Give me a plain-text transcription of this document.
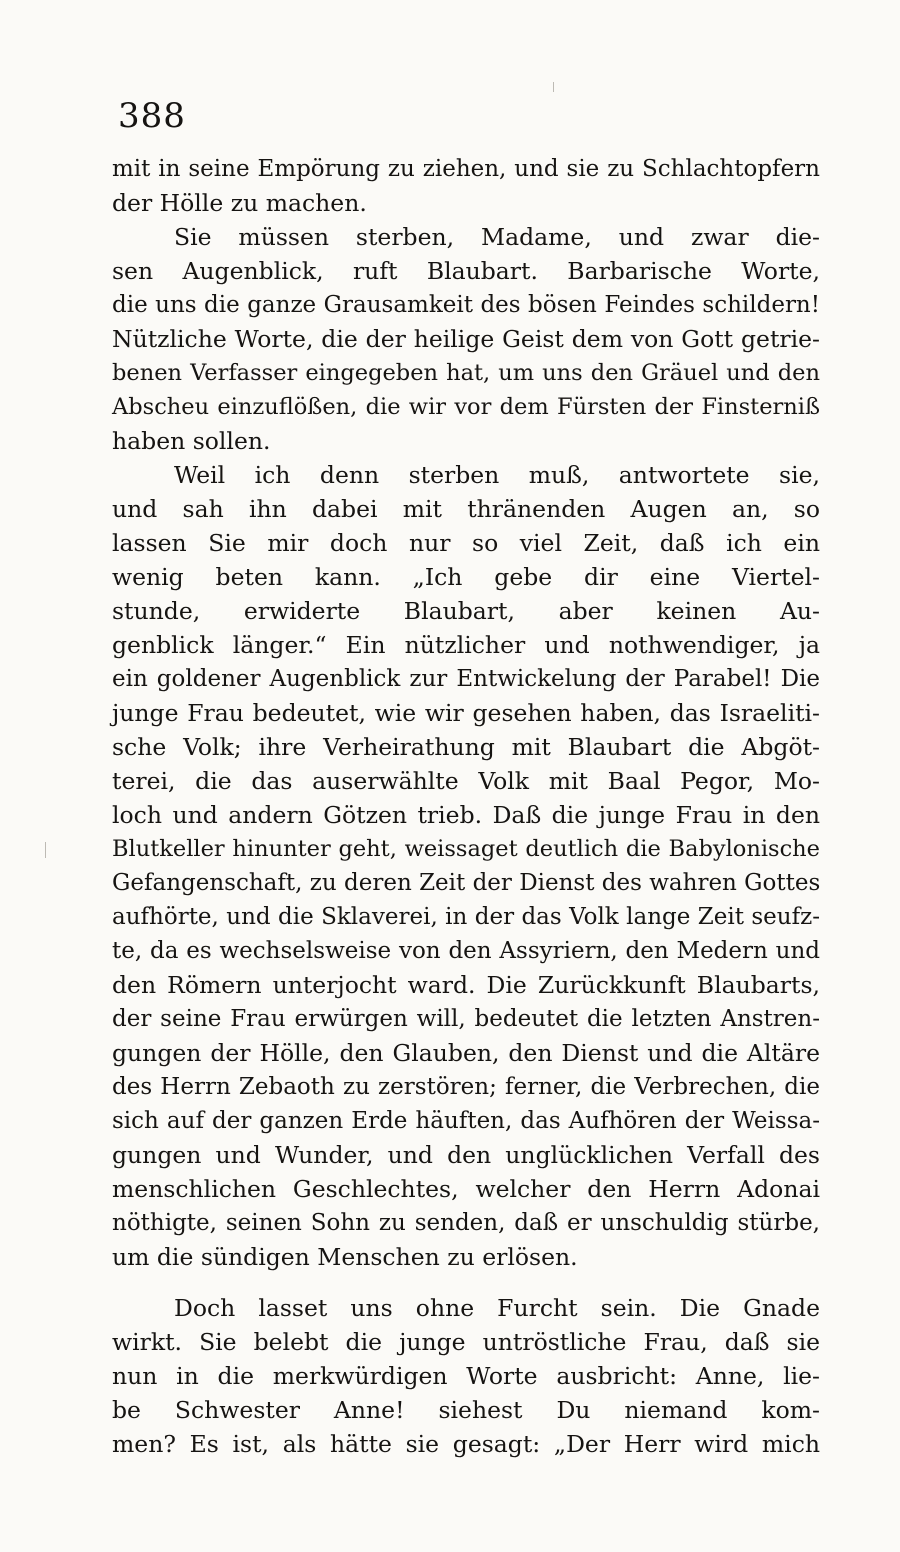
388
mit in seine Empörung zu ziehen, und sie zu Schlachtopfern
der Hölle zu machen.
Sie müssen sterben, Madame, und zwar die-
sen Augenblick, ruft Blaubart. Barbarische Worte,
die uns die ganze Grausamkeit des bösen Feindes schildern!
Nützliche Worte, die der heilige Geist dem von Gott getrie-
benen Verfasser eingegeben hat, um uns den Gräuel und den
Abscheu einzuflößen, die wir vor dem Fürsten der Finsterniß
haben sollen.
Weil ich denn sterben muß, antwortete sie,
und sah ihn dabei mit thränenden Augen an, so
lassen Sie mir doch nur so viel Zeit, daß ich ein
wenig beten kann. „Ich gebe dir eine Viertel-
stunde, erwiderte Blaubart, aber keinen Au-
genblick länger.“ Ein nützlicher und nothwendiger, ja
ein goldener Augenblick zur Entwickelung der Parabel! Die
junge Frau bedeutet, wie wir gesehen haben, das Israeliti-
sche Volk; ihre Verheirathung mit Blaubart die Abgöt-
terei, die das auserwählte Volk mit Baal Pegor, Mo-
loch und andern Götzen trieb. Daß die junge Frau in den
Blutkeller hinunter geht, weissaget deutlich die Babylonische
Gefangenschaft, zu deren Zeit der Dienst des wahren Gottes
aufhörte, und die Sklaverei, in der das Volk lange Zeit seufz-
te, da es wechselsweise von den Assyriern, den Medern und
den Römern unterjocht ward. Die Zurückkunft Blaubarts,
der seine Frau erwürgen will, bedeutet die letzten Anstren-
gungen der Hölle, den Glauben, den Dienst und die Altäre
des Herrn Zebaoth zu zerstören; ferner, die Verbrechen, die
sich auf der ganzen Erde häuften, das Aufhören der Weissa-
gungen und Wunder, und den unglücklichen Verfall des
menschlichen Geschlechtes, welcher den Herrn Adonai
nöthigte, seinen Sohn zu senden, daß er unschuldig stürbe,
um die sündigen Menschen zu erlösen.
Doch lasset uns ohne Furcht sein. Die Gnade
wirkt. Sie belebt die junge untröstliche Frau, daß sie
nun in die merkwürdigen Worte ausbricht: Anne, lie-
be Schwester Anne! siehest Du niemand kom-
men? Es ist, als hätte sie gesagt: „Der Herr wird mich
